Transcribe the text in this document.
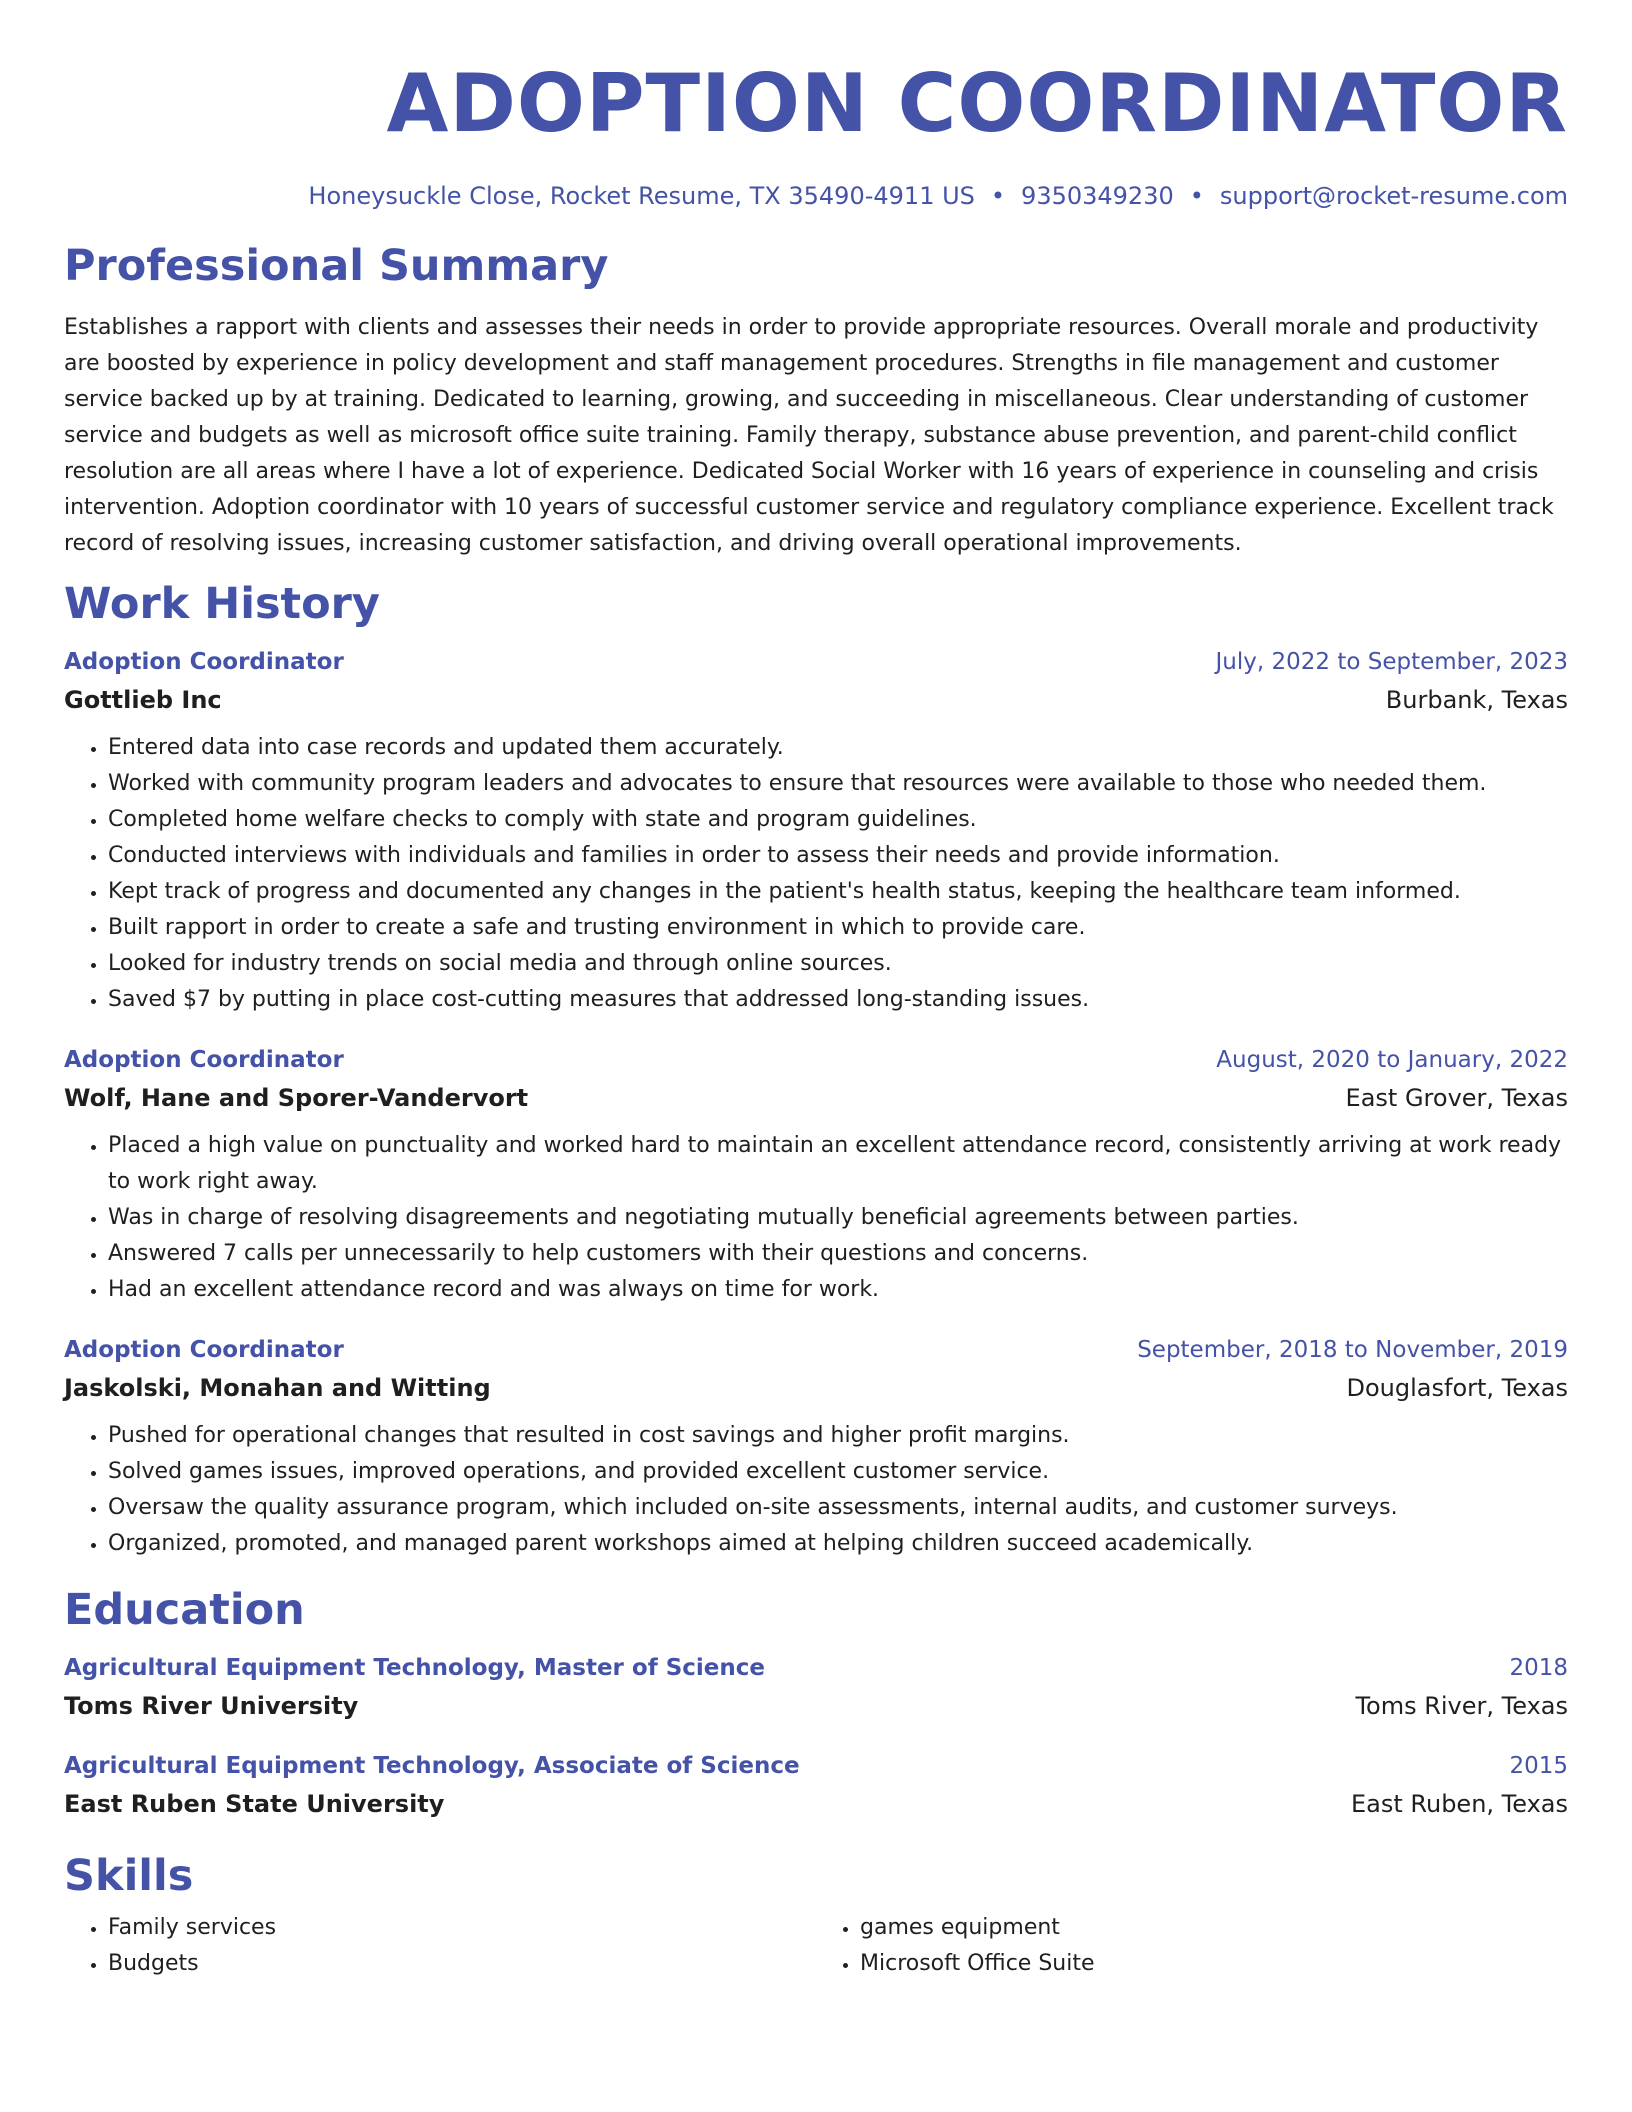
ADOPTION COORDINATOR
Honeysuckle Close, Rocket Resume, TX 35490-4911 US • 9350349230 • support@rocket-resume.com
Professional Summary
Establishes a rapport with clients and assesses their needs in order to provide appropriate resources. Overall morale and productivity are boosted by experience in policy development and staff management procedures. Strengths in file management and customer service backed up by at training. Dedicated to learning, growing, and succeeding in miscellaneous. Clear understanding of customer service and budgets as well as microsoft office suite training. Family therapy, substance abuse prevention, and parent-child conflict resolution are all areas where I have a lot of experience. Dedicated Social Worker with 16 years of experience in counseling and crisis intervention. Adoption coordinator with 10 years of successful customer service and regulatory compliance experience. Excellent track record of resolving issues, increasing customer satisfaction, and driving overall operational improvements.
Work History
Adoption Coordinator	July, 2022 to September, 2023
Gottlieb Inc	Burbank, Texas
• Entered data into case records and updated them accurately.
• Worked with community program leaders and advocates to ensure that resources were available to those who needed them.
• Completed home welfare checks to comply with state and program guidelines.
• Conducted interviews with individuals and families in order to assess their needs and provide information.
• Kept track of progress and documented any changes in the patient's health status, keeping the healthcare team informed.
• Built rapport in order to create a safe and trusting environment in which to provide care.
• Looked for industry trends on social media and through online sources.
• Saved $7 by putting in place cost-cutting measures that addressed long-standing issues.
Adoption Coordinator	August, 2020 to January, 2022
Wolf, Hane and Sporer-Vandervort	East Grover, Texas
• Placed a high value on punctuality and worked hard to maintain an excellent attendance record, consistently arriving at work ready to work right away.
• Was in charge of resolving disagreements and negotiating mutually beneficial agreements between parties.
• Answered 7 calls per unnecessarily to help customers with their questions and concerns.
• Had an excellent attendance record and was always on time for work.
Adoption Coordinator	September, 2018 to November, 2019
Jaskolski, Monahan and Witting	Douglasfort, Texas
• Pushed for operational changes that resulted in cost savings and higher profit margins.
• Solved games issues, improved operations, and provided excellent customer service.
• Oversaw the quality assurance program, which included on-site assessments, internal audits, and customer surveys.
• Organized, promoted, and managed parent workshops aimed at helping children succeed academically.
Education
Agricultural Equipment Technology, Master of Science	2018
Toms River University	Toms River, Texas
Agricultural Equipment Technology, Associate of Science	2015
East Ruben State University	East Ruben, Texas
Skills
• Family services
• Budgets
• games equipment
• Microsoft Office Suite
